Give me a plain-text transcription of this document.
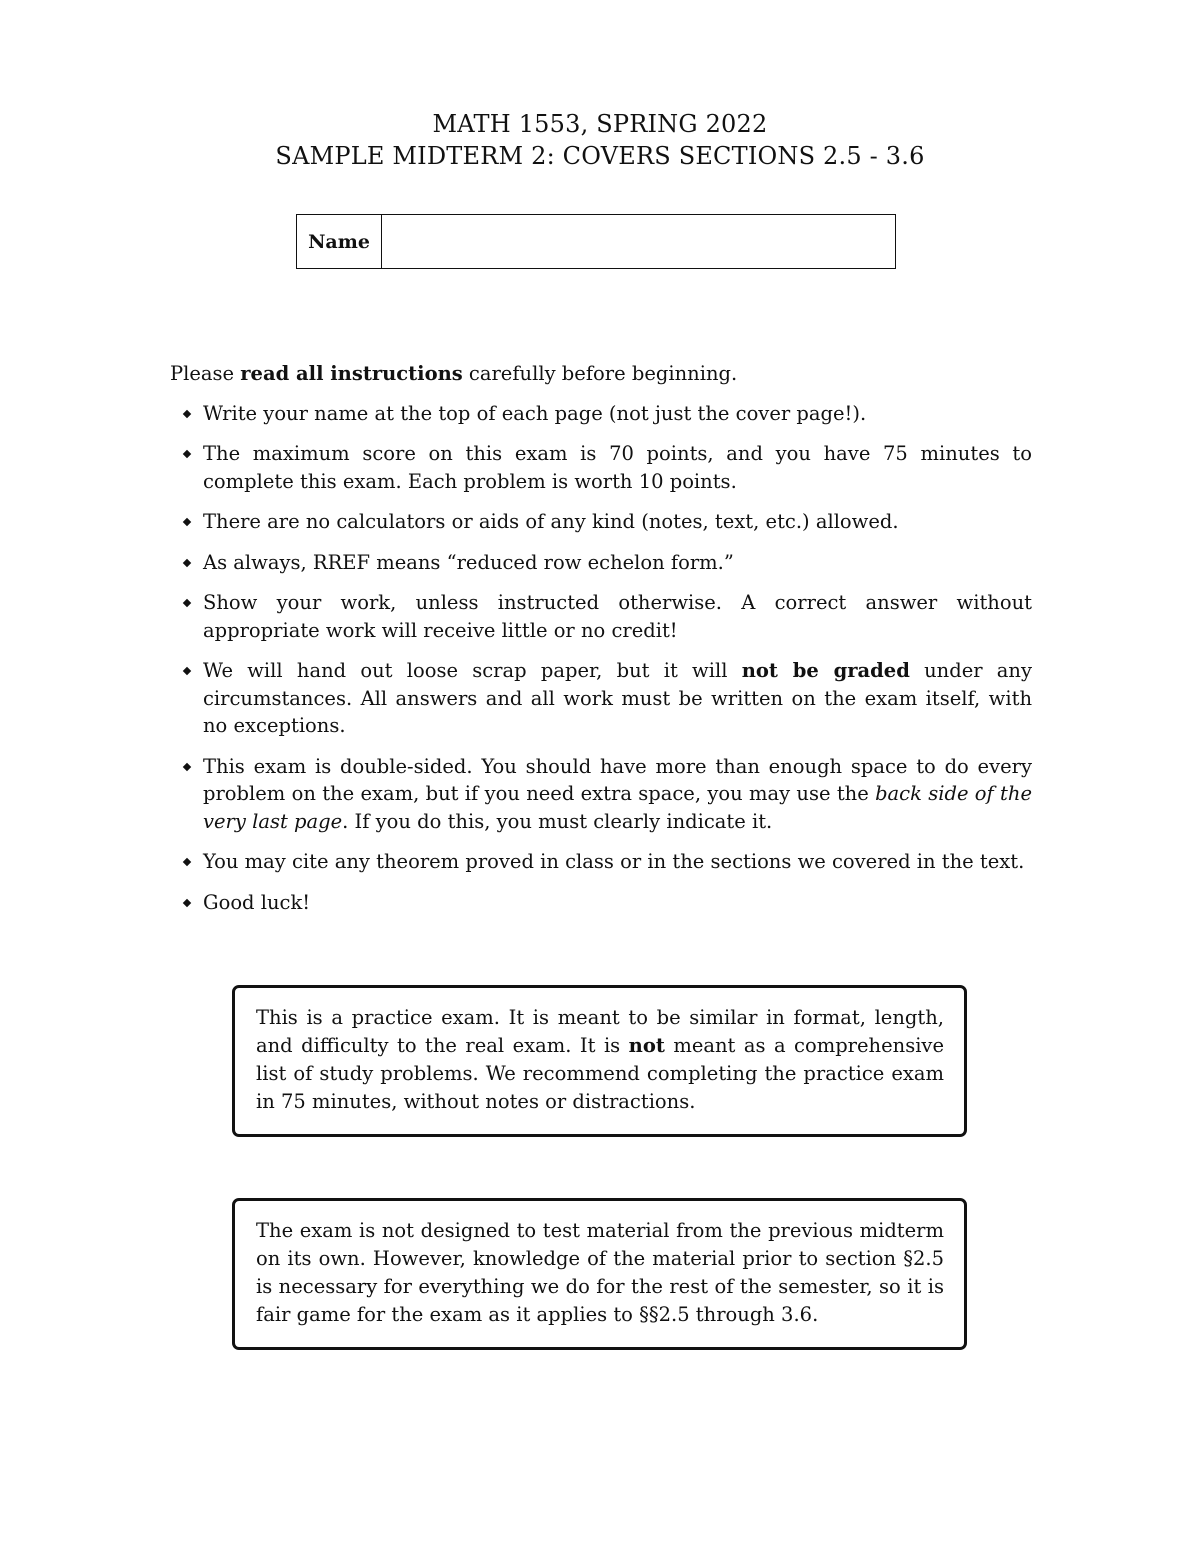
MATH 1553, SPRING 2022
SAMPLE MIDTERM 2: COVERS SECTIONS 2.5 - 3.6
Name

Please read all instructions carefully before beginning.

Write your name at the top of each page (not just the cover page!).
The maximum score on this exam is 70 points, and you have 75 minutes to complete this exam. Each problem is worth 10 points.
There are no calculators or aids of any kind (notes, text, etc.) allowed.
As always, RREF means “reduced row echelon form.”
Show your work, unless instructed otherwise. A correct answer without appropriate work will receive little or no credit!
We will hand out loose scrap paper, but it will not be graded under any circumstances. All answers and all work must be written on the exam itself, with no exceptions.
This exam is double-sided. You should have more than enough space to do every problem on the exam, but if you need extra space, you may use the back side of the very last page. If you do this, you must clearly indicate it.
You may cite any theorem proved in class or in the sections we covered in the text.
Good luck!
This is a practice exam. It is meant to be similar in format, length, and difficulty to the real exam. It is not meant as a comprehensive list of study problems. We recommend completing the practice exam in 75 minutes, without notes or distractions.
The exam is not designed to test material from the previous midterm on its own. However, knowledge of the material prior to section §2.5 is necessary for everything we do for the rest of the semester, so it is fair game for the exam as it applies to §§2.5 through 3.6.
